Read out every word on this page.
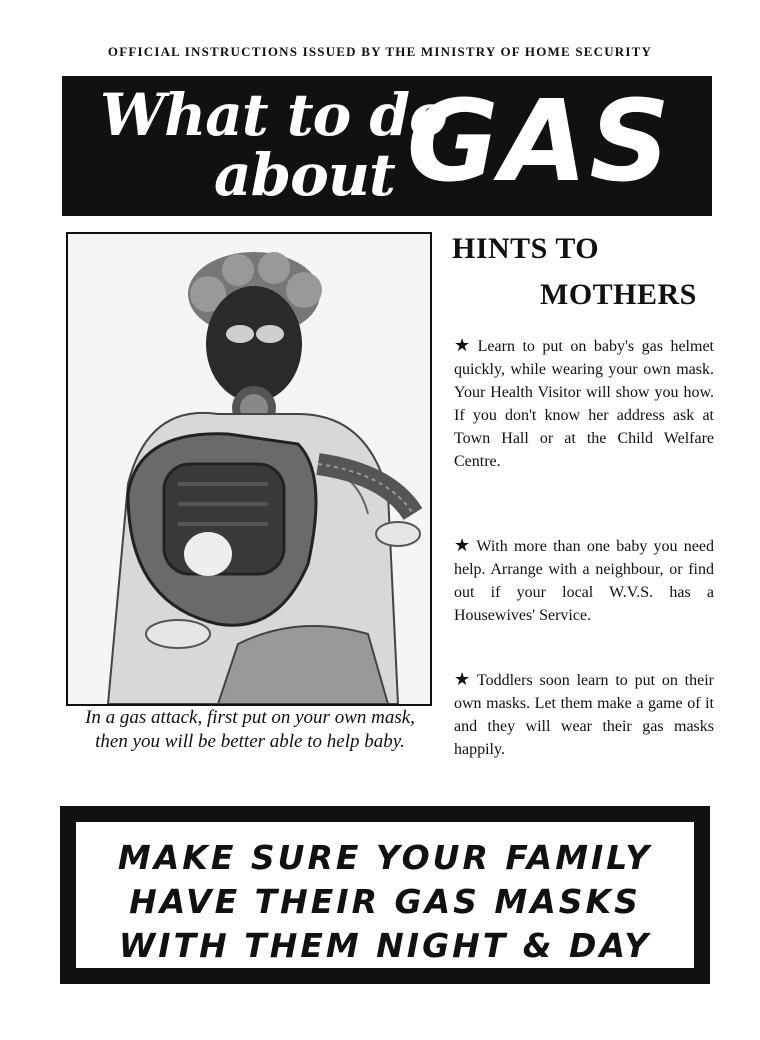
OFFICIAL INSTRUCTIONS ISSUED BY THE MINISTRY OF HOME SECURITY
What to do
about GAS
In a gas attack, first put on your own mask, then you will be better able to help baby.
HINTS TO
MOTHERS
★ Learn to put on baby's gas helmet quickly, while wearing your own mask. Your Health Visitor will show you how. If you don't know her address ask at Town Hall or at the Child Welfare Centre.
★ With more than one baby you need help. Arrange with a neighbour, or find out if your local W.V.S. has a Housewives' Service.
★ Toddlers soon learn to put on their own masks. Let them make a game of it and they will wear their gas masks happily.
MAKE SURE YOUR FAMILY
HAVE THEIR GAS MASKS
WITH THEM NIGHT & DAY
